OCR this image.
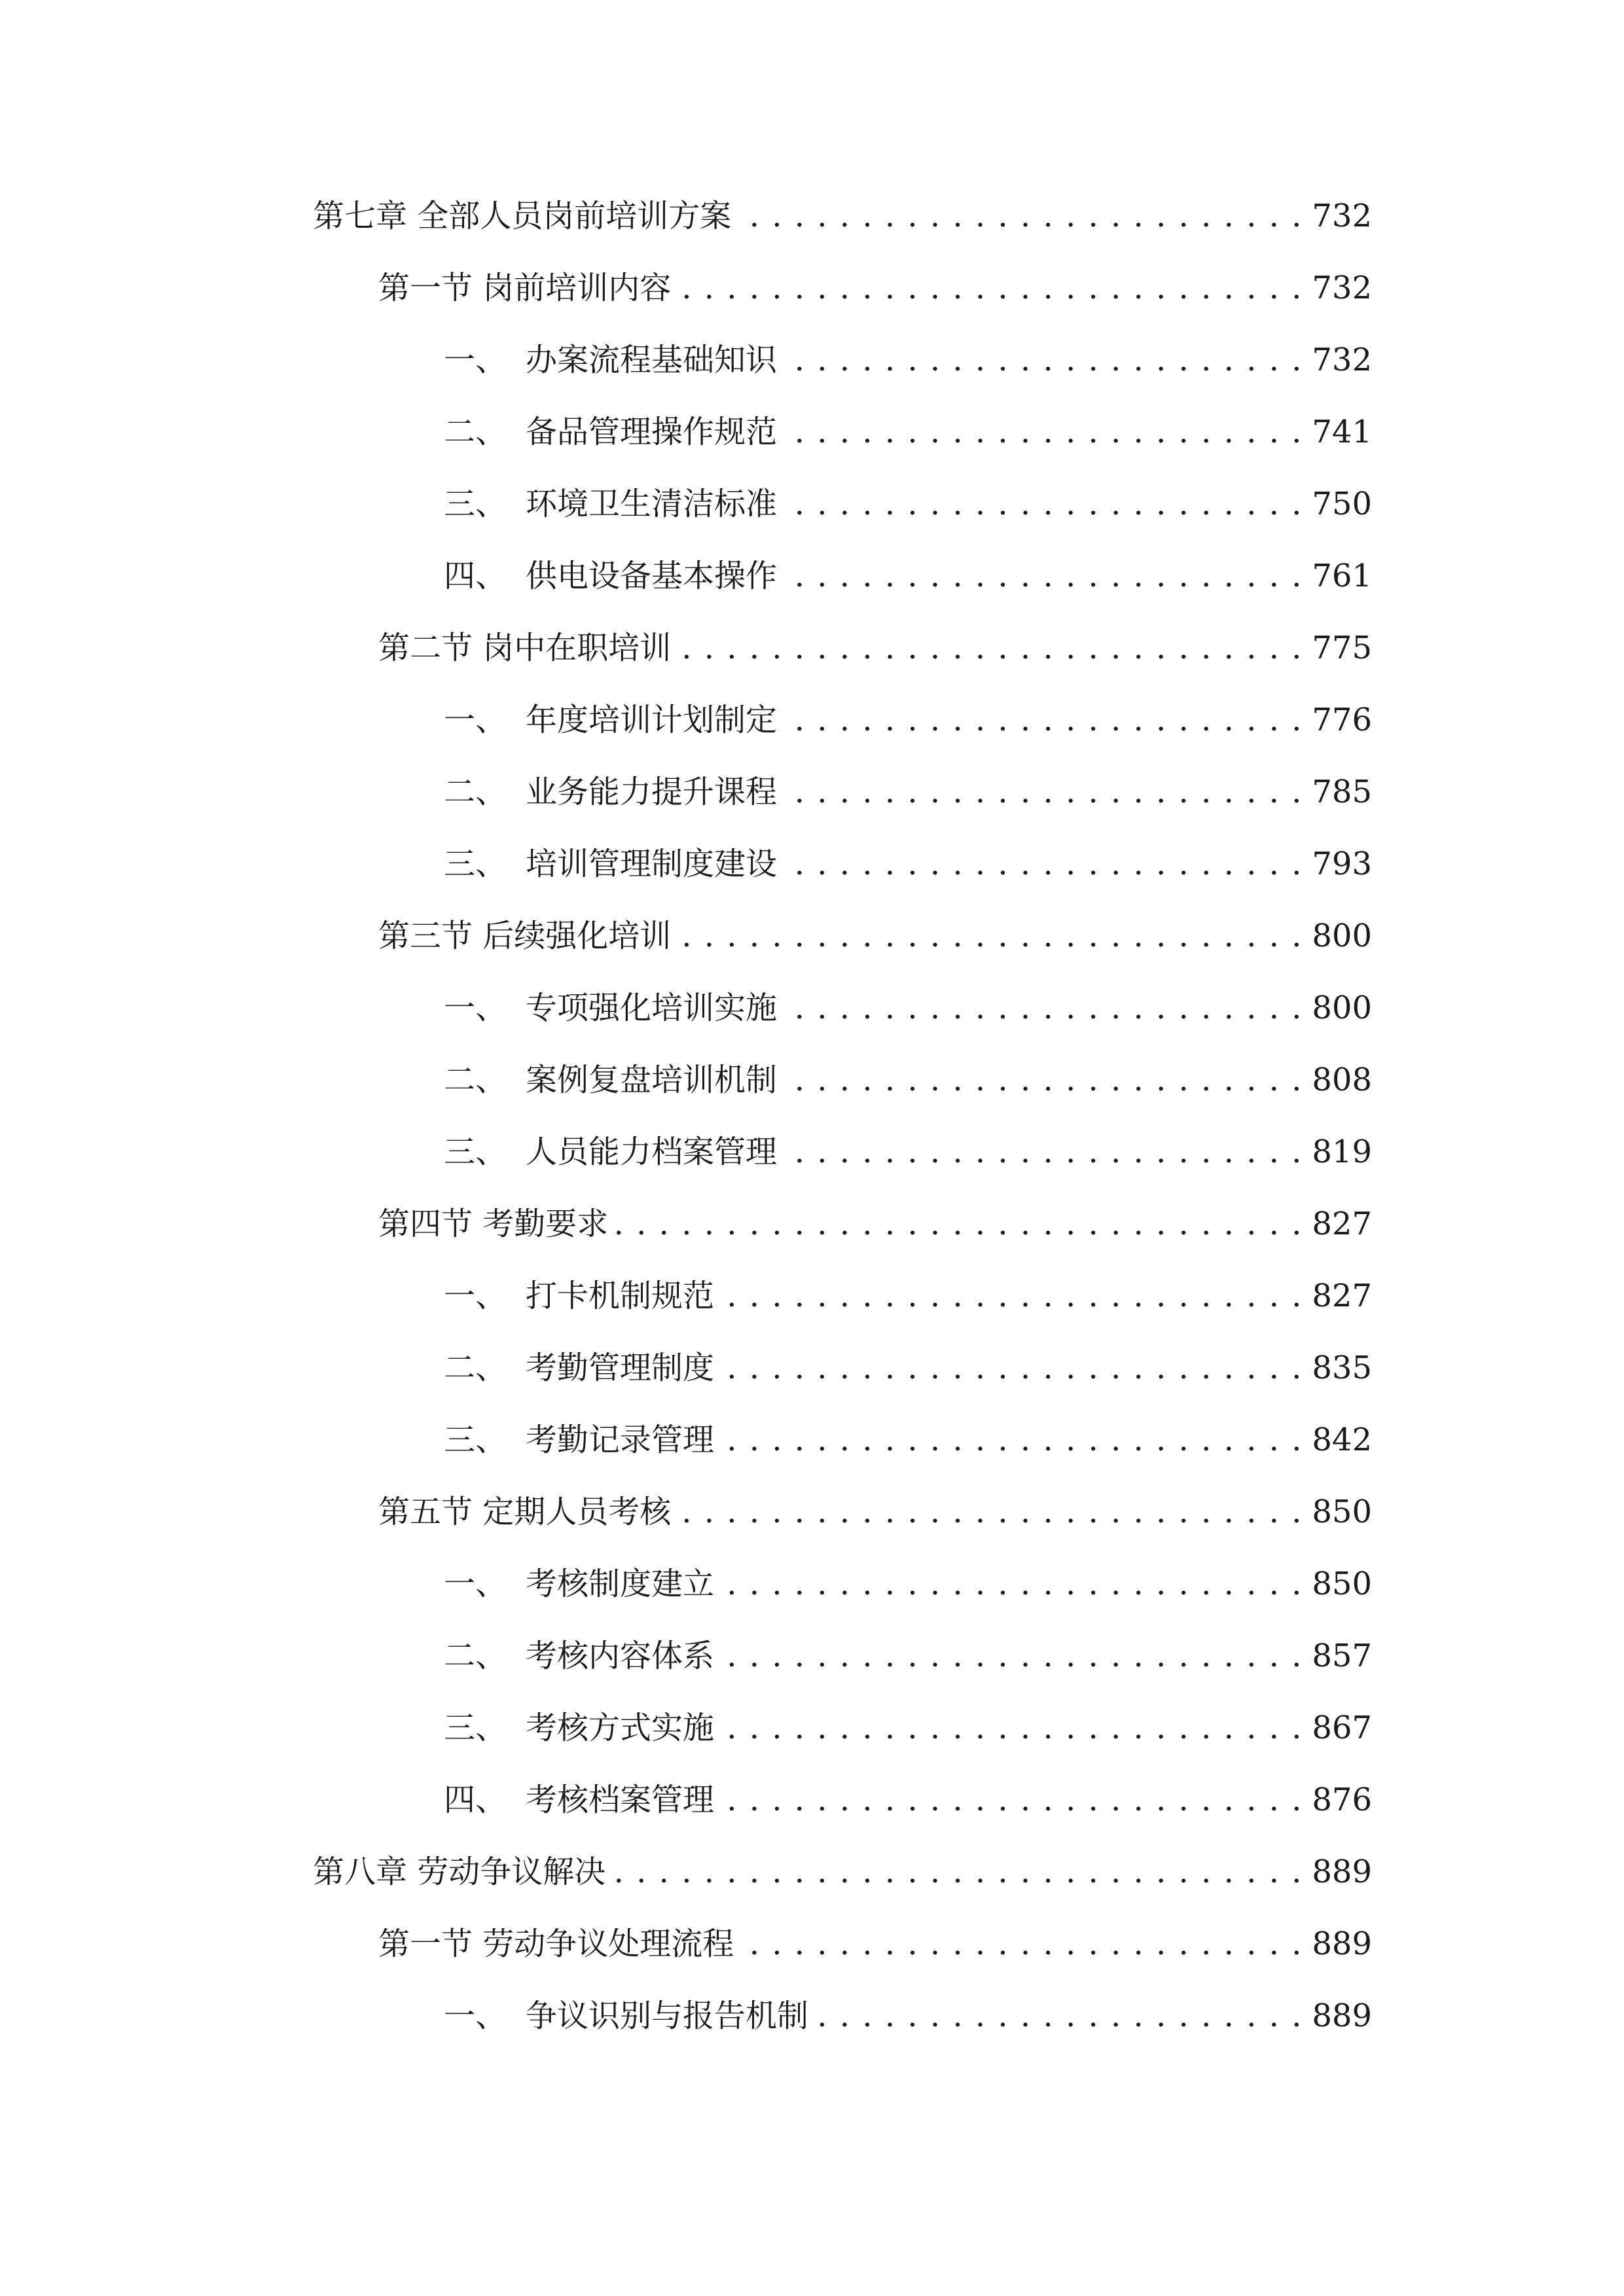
第七章 全部人员岗前培训方案 . . .	732
第一节 岗前培训内容 . . .	732
一、 办案流程基础知识 . . .	732
二、 备品管理操作规范 . . .	741
三、 环境卫生清洁标准 . . .	750
四、 供电设备基本操作 . . .	761
第二节 岗中在职培训 . . .	775
一、 年度培训计划制定 . . .	776
二、 业务能力提升课程 . . .	785
三、 培训管理制度建设 . . .	793
第三节 后续强化培训 . . .	800
一、 专项强化培训实施 . . .	800
二、 案例复盘培训机制 . . .	808
三、 人员能力档案管理 . . .	819
第四节 考勤要求 . . .	827
一、 打卡机制规范 . . .	827
二、 考勤管理制度 . . .	835
三、 考勤记录管理 . . .	842
第五节 定期人员考核 . . .	850
一、 考核制度建立 . . .	850
二、 考核内容体系 . . .	857
三、 考核方式实施 . . .	867
四、 考核档案管理 . . .	876
第八章 劳动争议解决 . . .	889
第一节 劳动争议处理流程 . . .	889
一、 争议识别与报告机制 . . .	889
